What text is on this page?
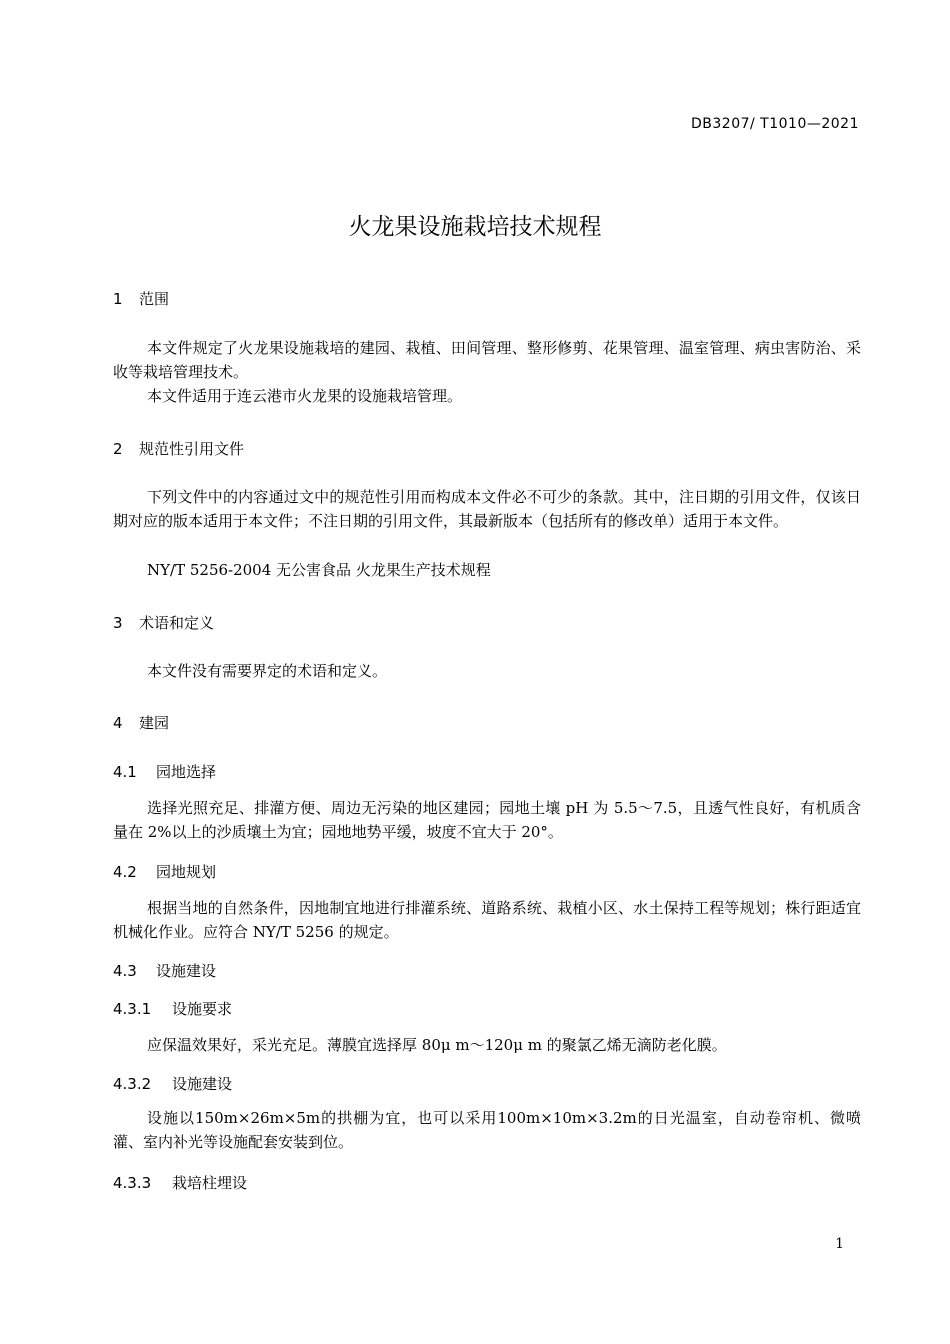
DB3207/ T1010—2021
火龙果设施栽培技术规程
1 范围
本文件规定了火龙果设施栽培的建园、栽植、田间管理、整形修剪、花果管理、温室管理、病虫害防治、采收等栽培管理技术。
本文件适用于连云港市火龙果的设施栽培管理。
2 规范性引用文件
下列文件中的内容通过文中的规范性引用而构成本文件必不可少的条款。其中，注日期的引用文件，仅该日期对应的版本适用于本文件；不注日期的引用文件，其最新版本（包括所有的修改单）适用于本文件。
NY/T 5256-2004 无公害食品 火龙果生产技术规程
3 术语和定义
本文件没有需要界定的术语和定义。
4 建园
4.1 园地选择
选择光照充足、排灌方便、周边无污染的地区建园；园地土壤 pH 为 5.5～7.5，且透气性良好，有机质含量在 2%以上的沙质壤土为宜；园地地势平缓，坡度不宜大于 20°。
4.2 园地规划
根据当地的自然条件，因地制宜地进行排灌系统、道路系统、栽植小区、水土保持工程等规划；株行距适宜机械化作业。应符合 NY/T 5256 的规定。
4.3 设施建设
4.3.1 设施要求
应保温效果好，采光充足。薄膜宜选择厚 80μ m～120μ m 的聚氯乙烯无滴防老化膜。
4.3.2 设施建设
设施以150m×26m×5m的拱棚为宜，也可以采用100m×10m×3.2m的日光温室，自动卷帘机、微喷灌、室内补光等设施配套安装到位。
4.3.3 栽培柱埋设
1
